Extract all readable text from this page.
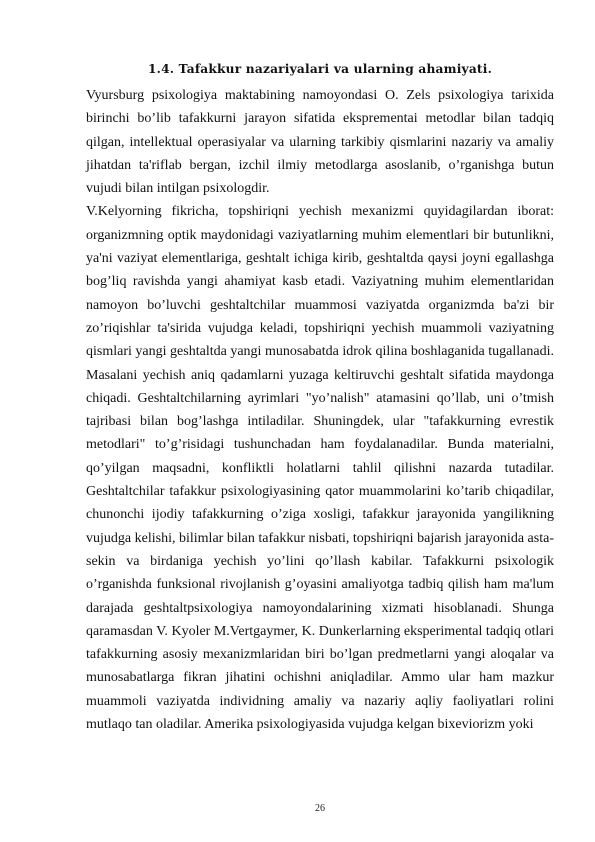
1.4. Tafakkur nazariyalari va ularning ahamiyati.

Vyursburg psixologiya maktabining namoyondasi O. Zels psixologiya tarixida birinchi bo’lib tafakkurni jarayon sifatida eksprementai metodlar bilan tadqiq qilgan, intellektual operasiyalar va ularning tarkibiy qismlarini nazariy va amaliy jihatdan ta'riflab bergan, izchil ilmiy metodlarga asoslanib, o’rganishga butun vujudi bilan intilgan psixologdir.

V.Kelyorning fikricha, topshiriqni yechish mexanizmi quyidagilardan iborat: organizmning optik maydonidagi vaziyatlarning muhim elementlari bir butunlikni, ya'ni vaziyat elementlariga, geshtalt ichiga kirib, geshtaltda qaysi joyni egallashga bog’liq ravishda yangi ahamiyat kasb etadi. Vaziyatning muhim elementlaridan namoyon bo’luvchi geshtaltchilar muammosi vaziyatda organizmda ba'zi bir zo’riqishlar ta'sirida vujudga keladi, topshiriqni yechish muammoli vaziyatning qismlari yangi geshtaltda yangi munosabatda idrok qilina boshlaganida tugallanadi. Masalani yechish aniq qadamlarni yuzaga keltiruvchi geshtalt sifatida maydonga chiqadi. Geshtaltchilarning ayrimlari "yo’nalish" atamasini qo’llab, uni o’tmish tajribasi bilan bog’lashga intiladilar. Shuningdek, ular "tafakkurning evrestik metodlari" to’g’risidagi tushunchadan ham foydalanadilar. Bunda materialni, qo’yilgan maqsadni, konfliktli holatlarni tahlil qilishni nazarda tutadilar. Geshtaltchilar tafakkur psixologiyasining qator muammolarini ko’tarib chiqadilar, chunonchi ijodiy tafakkurning o’ziga xosligi, tafakkur jarayonida yangilikning vujudga kelishi, bilimlar bilan tafakkur nisbati, topshiriqni bajarish jarayonida asta-sekin va birdaniga yechish yo’lini qo’llash kabilar. Tafakkurni psixologik o’rganishda funksional rivojlanish g’oyasini amaliyotga tadbiq qilish ham ma'lum darajada geshtaltpsixologiya namoyondalarining xizmati hisoblanadi. Shunga qaramasdan V. Kyoler M.Vertgaymer, K. Dunkerlarning eksperimental tadqiq otlari tafakkurning asosiy mexanizmlaridan biri bo’lgan predmetlarni yangi aloqalar va munosabatlarga fikran jihatini ochishni aniqladilar. Ammo ular ham mazkur muammoli vaziyatda individning amaliy va nazariy aqliy faoliyatlari rolini mutlaqo tan oladilar. Amerika psixologiyasida vujudga kelgan bixeviorizm yoki

26
